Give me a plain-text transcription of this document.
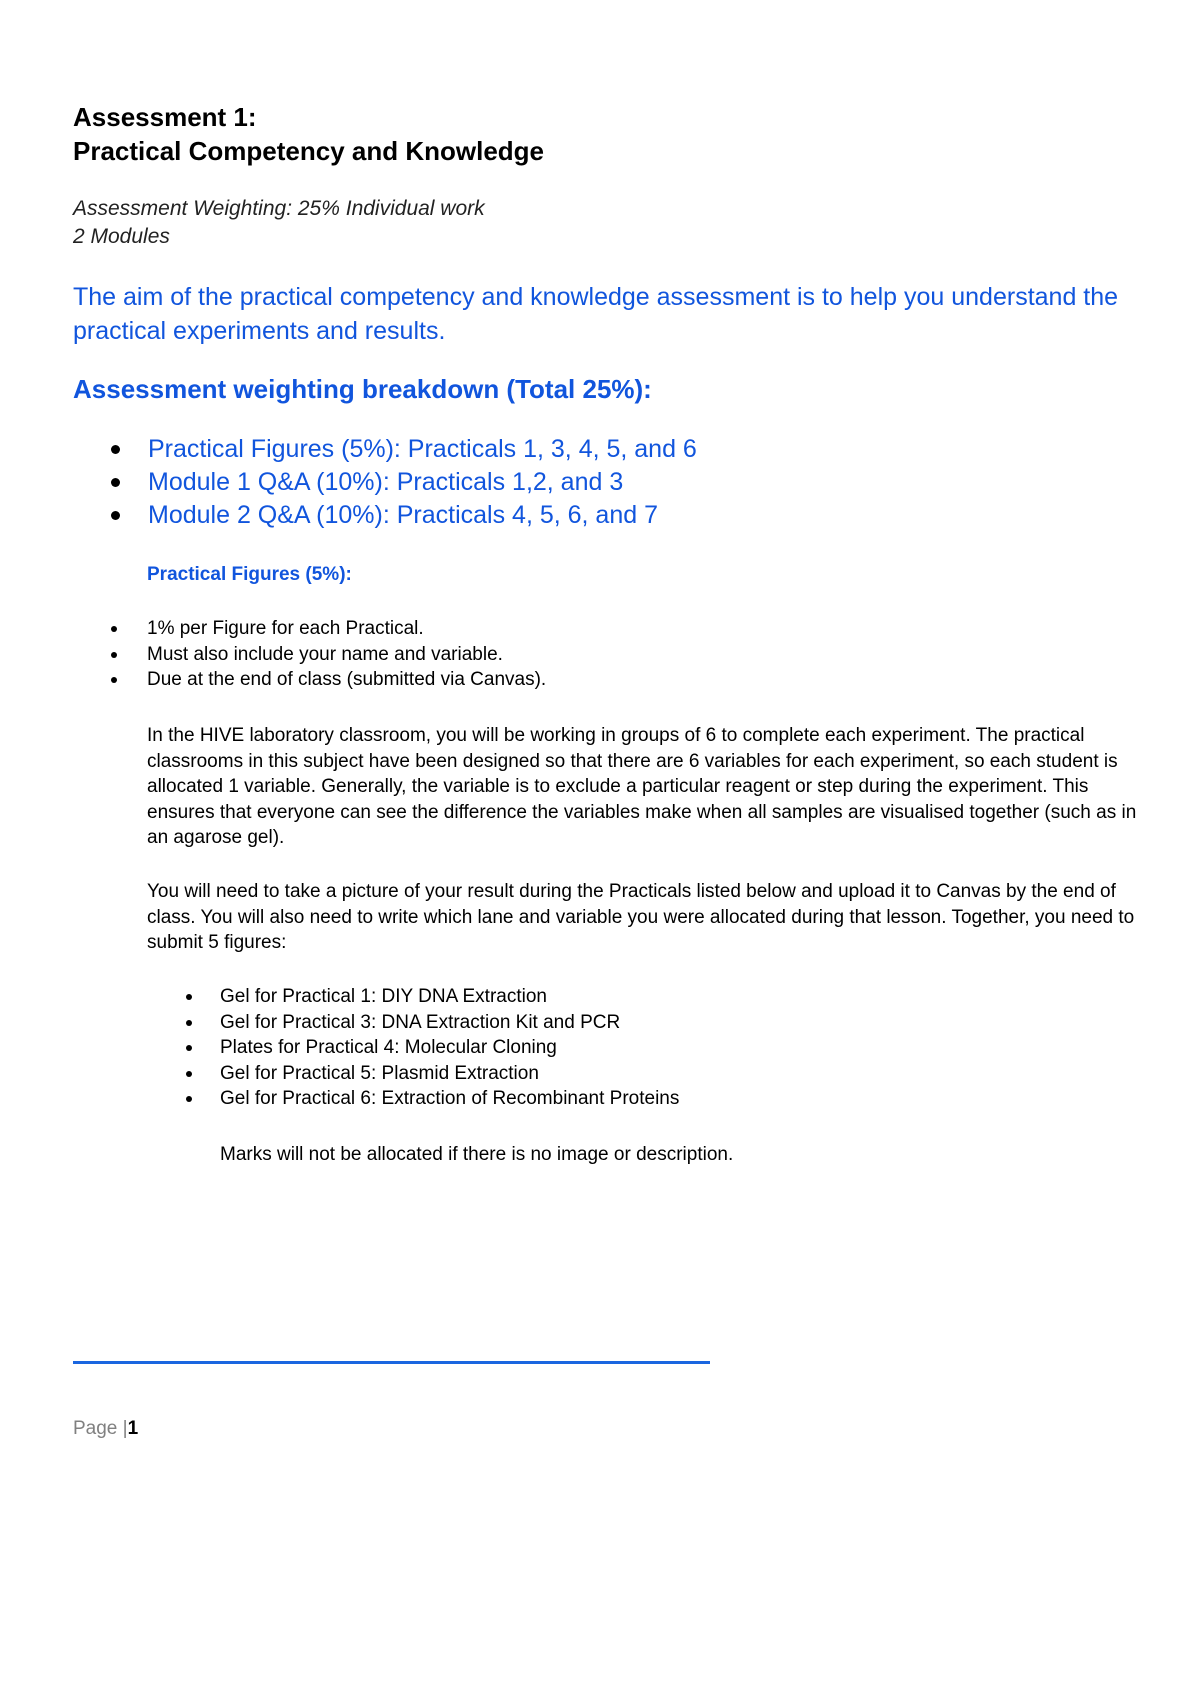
Assessment 1:
Practical Competency and Knowledge
Assessment Weighting: 25% Individual work
2 Modules
The aim of the practical competency and knowledge assessment is to help you understand the practical experiments and results.
Assessment weighting breakdown (Total 25%):
Practical Figures (5%): Practicals 1, 3, 4, 5, and 6
Module 1 Q&A (10%): Practicals 1,2, and 3
Module 2 Q&A (10%): Practicals 4, 5, 6, and 7
Practical Figures (5%):
1% per Figure for each Practical.
Must also include your name and variable.
Due at the end of class (submitted via Canvas).
In the HIVE laboratory classroom, you will be working in groups of 6 to complete each experiment. The practical classrooms in this subject have been designed so that there are 6 variables for each experiment, so each student is allocated 1 variable. Generally, the variable is to exclude a particular reagent or step during the experiment. This ensures that everyone can see the difference the variables make when all samples are visualised together (such as in an agarose gel).
You will need to take a picture of your result during the Practicals listed below and upload it to Canvas by the end of class. You will also need to write which lane and variable you were allocated during that lesson. Together, you need to submit 5 figures:
Gel for Practical 1: DIY DNA Extraction
Gel for Practical 3: DNA Extraction Kit and PCR
Plates for Practical 4: Molecular Cloning
Gel for Practical 5: Plasmid Extraction
Gel for Practical 6: Extraction of Recombinant Proteins
Marks will not be allocated if there is no image or description.
Page |1
